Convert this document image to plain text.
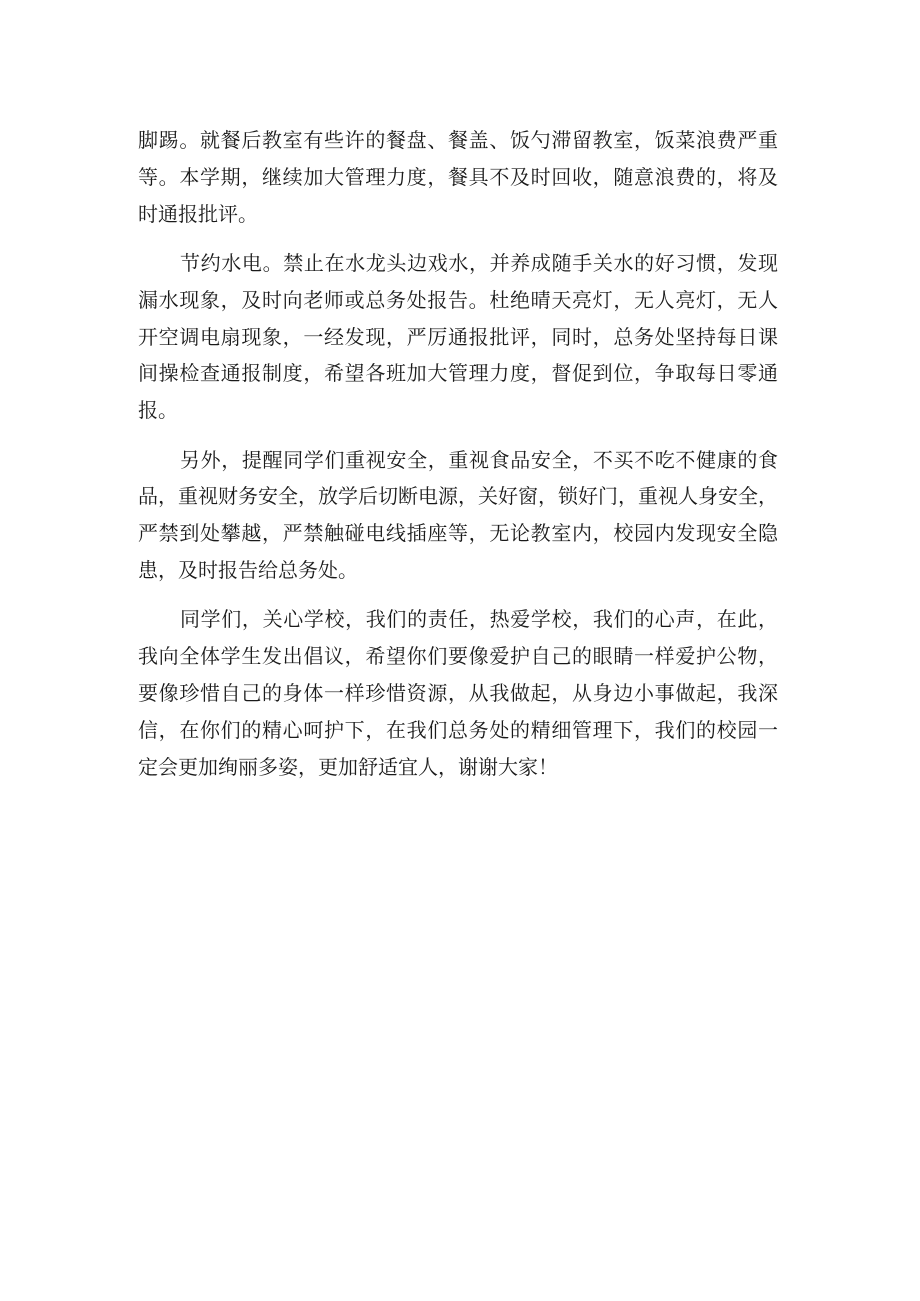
脚踢。就餐后教室有些许的餐盘、餐盖、饭勺滞留教室，饭菜浪费严重
等。本学期，继续加大管理力度，餐具不及时回收，随意浪费的，将及
时通报批评。
节约水电。禁止在水龙头边戏水，并养成随手关水的好习惯，发现
漏水现象，及时向老师或总务处报告。杜绝晴天亮灯，无人亮灯，无人
开空调电扇现象，一经发现，严厉通报批评，同时，总务处坚持每日课
间操检查通报制度，希望各班加大管理力度，督促到位，争取每日零通
报。
另外，提醒同学们重视安全，重视食品安全，不买不吃不健康的食
品，重视财务安全，放学后切断电源，关好窗，锁好门，重视人身安全，
严禁到处攀越，严禁触碰电线插座等，无论教室内，校园内发现安全隐
患，及时报告给总务处。
同学们，关心学校，我们的责任，热爱学校，我们的心声，在此，
我向全体学生发出倡议，希望你们要像爱护自己的眼睛一样爱护公物，
要像珍惜自己的身体一样珍惜资源，从我做起，从身边小事做起，我深
信，在你们的精心呵护下，在我们总务处的精细管理下，我们的校园一
定会更加绚丽多姿，更加舒适宜人，谢谢大家！
